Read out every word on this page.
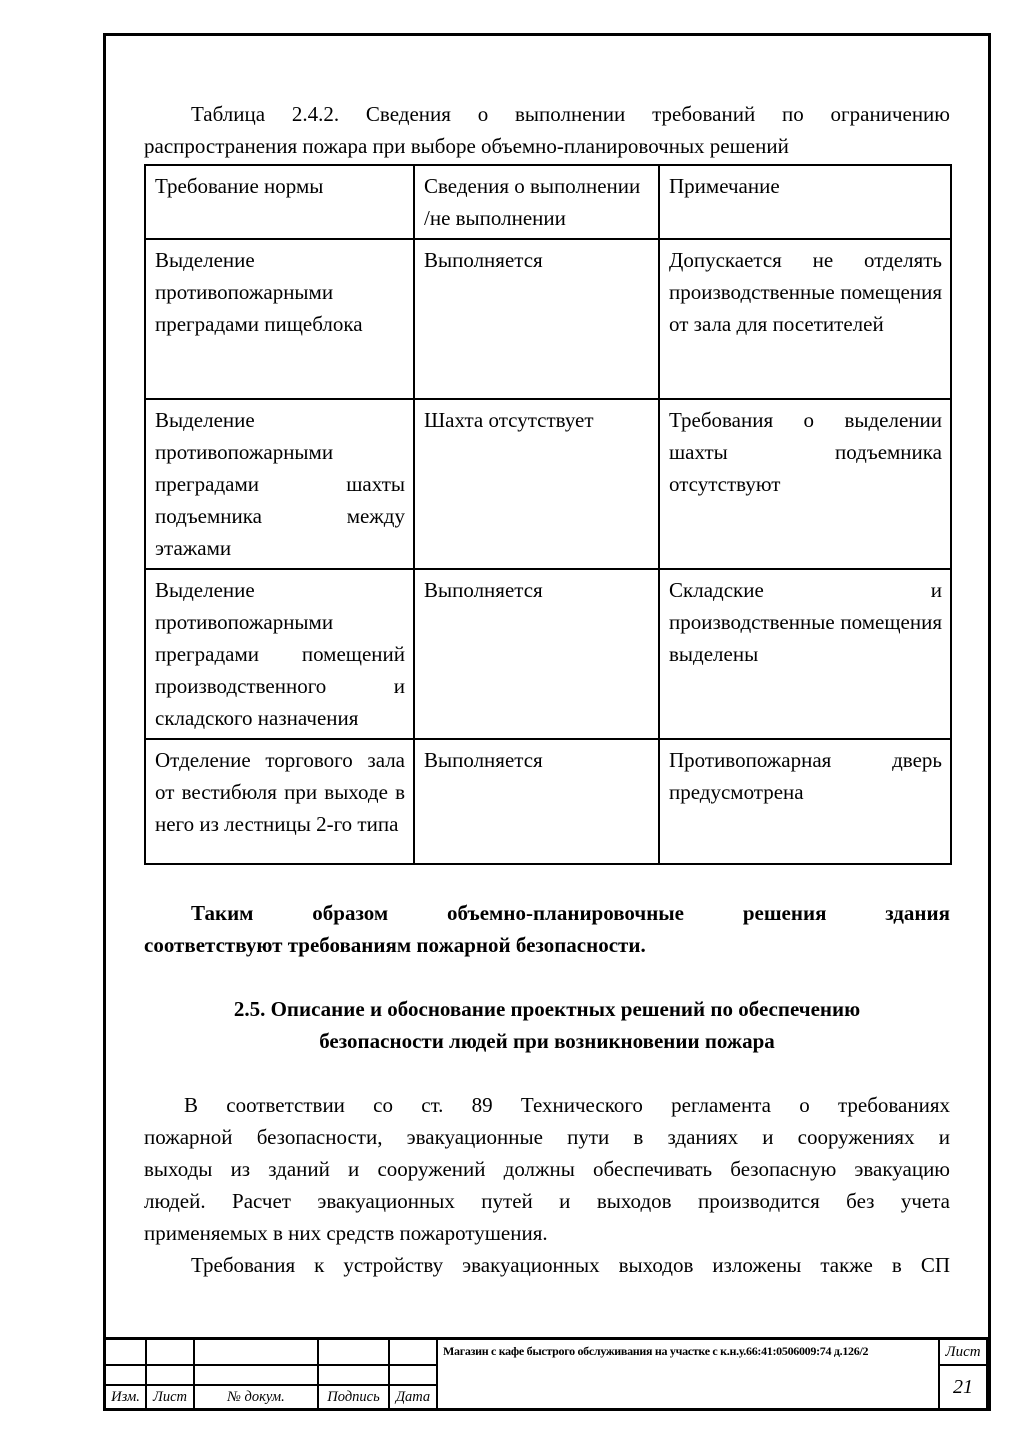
Таблица 2.4.2. Сведения о выполнении требований по ограничению
распространения пожара при выборе объемно-планировочных решений

Требование нормы	Сведения о выполнении /не выполнении	Примечание
Выделение противопожарными преградами пищеблока	Выполняется	Допускается не отделять производственные помещения от зала для посетителей
Выделение противопожарными преградами шахты подъемника между этажами	Шахта отсутствует	Требования о выделении шахты подъемника отсутствуют
Выделение противопожарными преградами помещений производственного и складского назначения	Выполняется	Складские и производственные помещения выделены
Отделение торгового зала от вестибюля при выходе в него из лестницы 2-го типа	Выполняется	Противопожарная дверь предусмотрена

Таким образом объемно-планировочные решения здания
соответствуют требованиям пожарной безопасности.

2.5. Описание и обоснование проектных решений по обеспечению
безопасности людей при возникновении пожара

В соответствии со ст. 89 Технического регламента о требованиях
пожарной безопасности, эвакуационные пути в зданиях и сооружениях и
выходы из зданий и сооружений должны обеспечивать безопасную эвакуацию
людей. Расчет эвакуационных путей и выходов производится без учета
применяемых в них средств пожаротушения.

Требования к устройству эвакуационных выходов изложены также в СП

Изм. Лист	№ докум.	Подпись	Дата
Магазин с кафе быстрого обслуживания на участке с к.н.у.66:41:0506009:74 д.126/2	Лист
21
